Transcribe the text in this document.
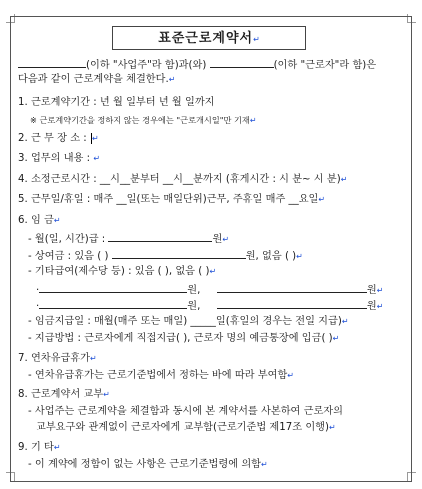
표준근로계약서↵
(이하 "사업주"라 함)과(와)	(이하 "근로자"라 함)은
다음과 같이 근로계약을 체결한다.↵
1. 근로계약기간 : 년 월 일부터 년 월 일까지
※ 근로계약기간을 정하지 않는 경우에는 "근로개시일"만 기재↵
2. 근 무 장 소 : ↵
3. 업무의 내용 : ↵
4. 소정근로시간 : __시__분부터 __시__분까지 (휴게시간 : 시 분~ 시 분)↵
5. 근무일/휴일 : 매주 __일(또는 매일단위)근무, 주휴일 매주 __요일↵
6. 임 금↵
- 월(일, 시간)급 :	원↵
- 상여금 : 있음 ( )	원, 없음 ( )↵
- 기타급여(제수당 등) : 있음 ( ), 없음 ( )↵
·	원,	원↵
·	원,	원↵
- 임금지급일 : 매월(매주 또는 매일) _____일(휴일의 경우는 전일 지급)↵
- 지급방법 : 근로자에게 직접지급( ), 근로자 명의 예금통장에 입금( )↵
7. 연차유급휴가↵
- 연차유급휴가는 근로기준법에서 정하는 바에 따라 부여함↵
8. 근로계약서 교부↵
- 사업주는 근로계약을 체결함과 동시에 본 계약서를 사본하여 근로자의
교부요구와 관계없이 근로자에게 교부함(근로기준법 제17조 이행)↵
9. 기 타↵
- 이 계약에 정함이 없는 사항은 근로기준법령에 의함↵
